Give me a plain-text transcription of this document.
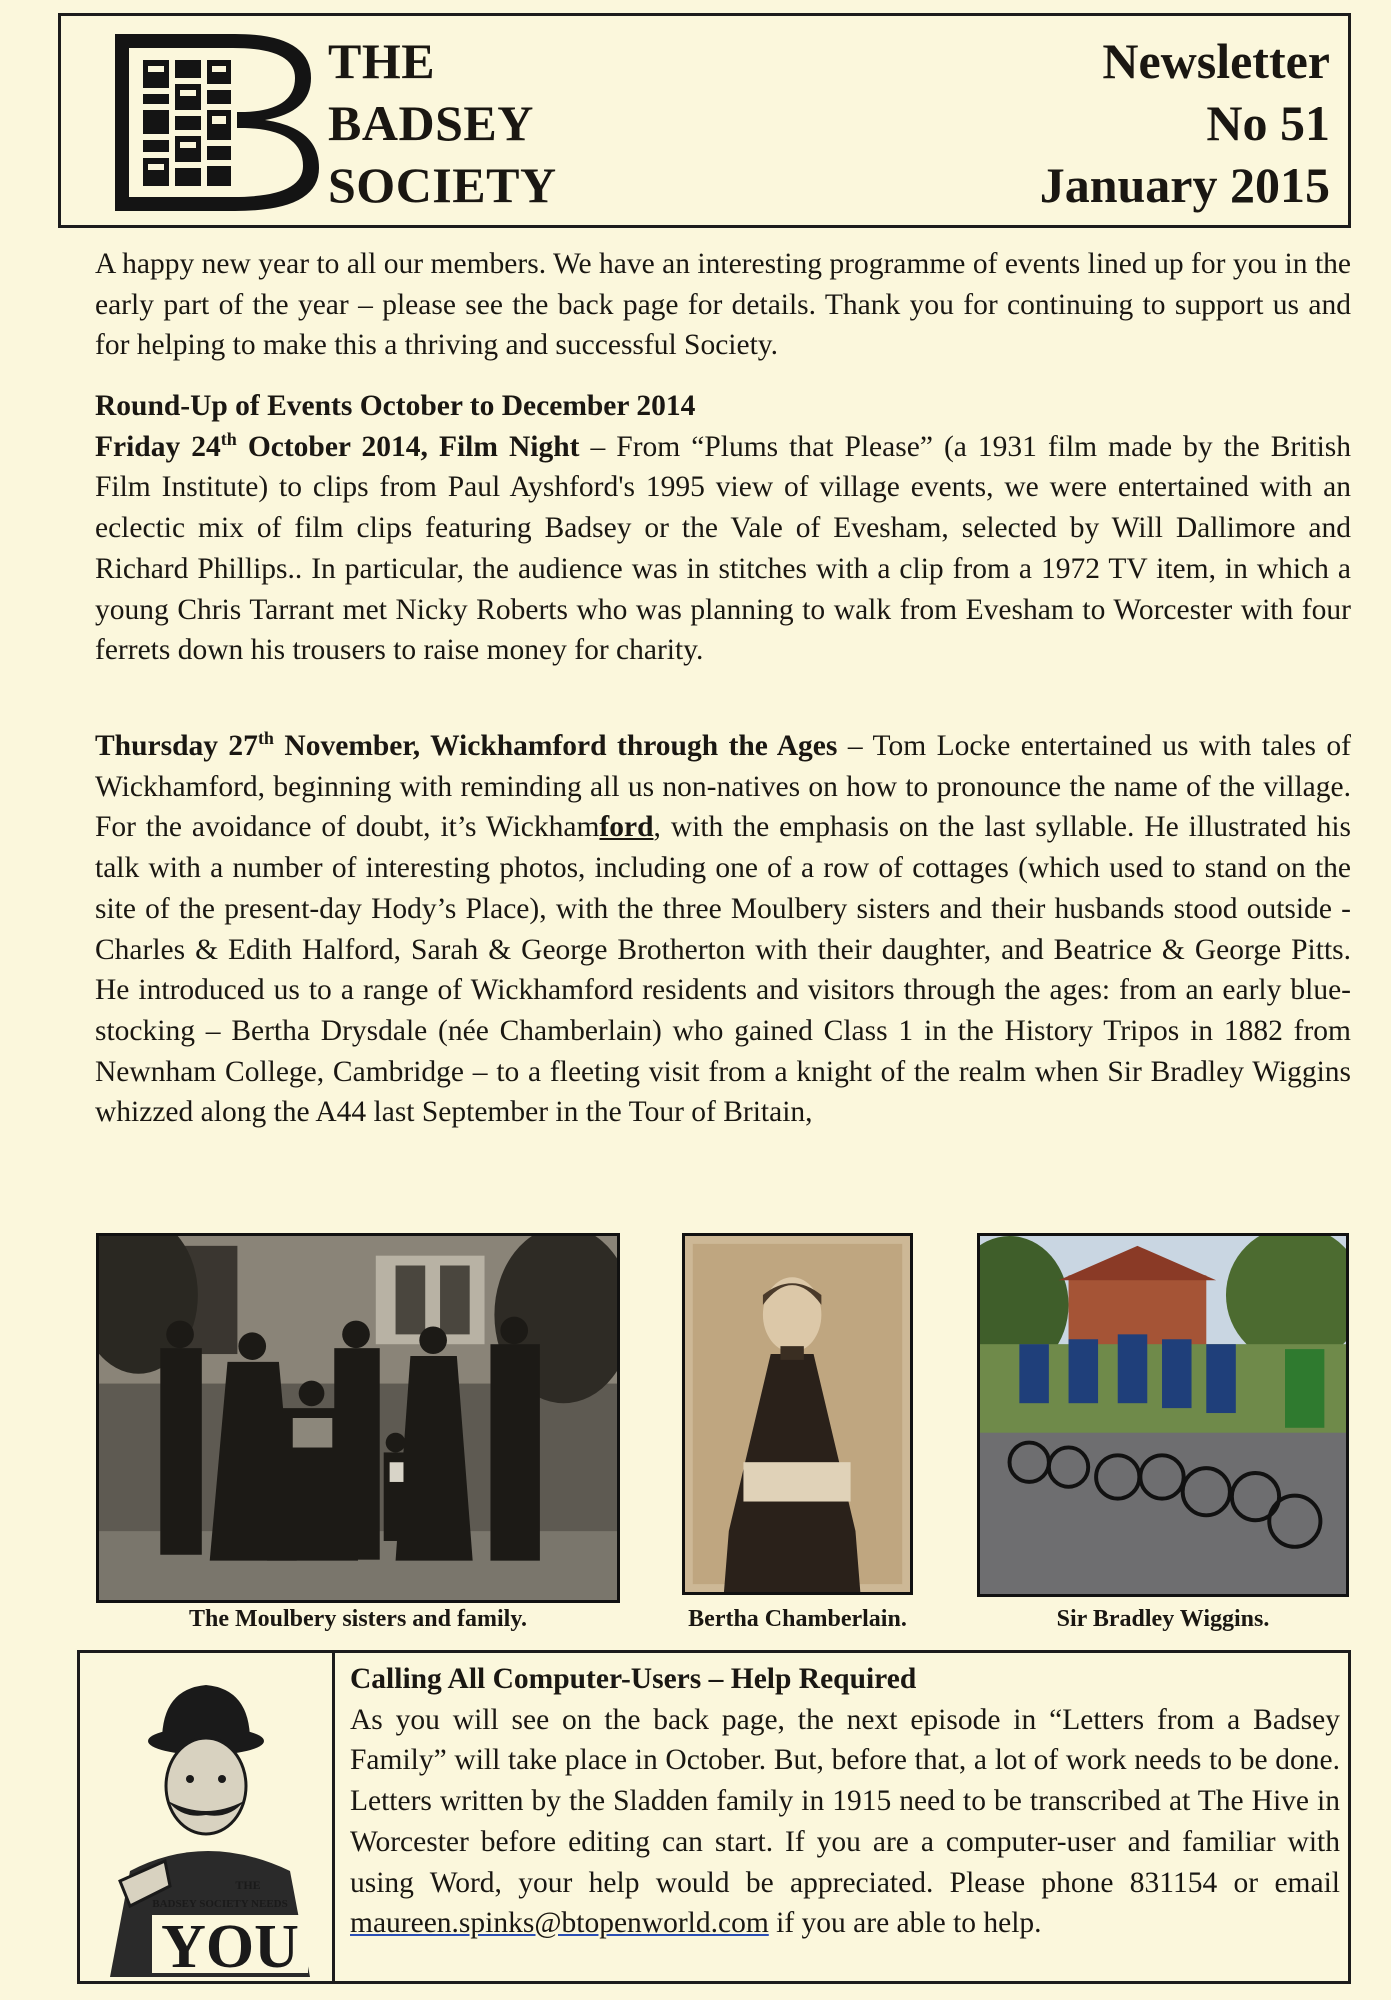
THE
BADSEY
SOCIETY
Newsletter
No 51
January 2015

A happy new year to all our members. We have an interesting programme of events lined up for you in the early part of the year – please see the back page for details. Thank you for continuing to support us and for helping to make this a thriving and successful Society.

Round-Up of Events October to December 2014

Friday 24th October 2014, Film Night – From “Plums that Please” (a 1931 film made by the British Film Institute) to clips from Paul Ayshford's 1995 view of village events, we were entertained with an eclectic mix of film clips featuring Badsey or the Vale of Evesham, selected by Will Dallimore and Richard Phillips.. In particular, the audience was in stitches with a clip from a 1972 TV item, in which a young Chris Tarrant met Nicky Roberts who was planning to walk from Evesham to Worcester with four ferrets down his trousers to raise money for charity.

Thursday 27th November, Wickhamford through the Ages – Tom Locke entertained us with tales of Wickhamford, beginning with reminding all us non-natives on how to pronounce the name of the village. For the avoidance of doubt, it’s Wickhamford, with the emphasis on the last syllable. He illustrated his talk with a number of interesting photos, including one of a row of cottages (which used to stand on the site of the present-day Hody’s Place), with the three Moulbery sisters and their husbands stood outside - Charles & Edith Halford, Sarah & George Brotherton with their daughter, and Beatrice & George Pitts. He introduced us to a range of Wickhamford residents and visitors through the ages: from an early blue-stocking – Bertha Drysdale (née Chamberlain) who gained Class 1 in the History Tripos in 1882 from Newnham College, Cambridge – to a fleeting visit from a knight of the realm when Sir Bradley Wiggins whizzed along the A44 last September in the Tour of Britain,

The Moulbery sisters and family.	Bertha Chamberlain.	Sir Bradley Wiggins.
THE
BADSEY SOCIETY NEEDS
YOU

Calling All Computer-Users – Help Required

As you will see on the back page, the next episode in “Letters from a Badsey Family” will take place in October. But, before that, a lot of work needs to be done. Letters written by the Sladden family in 1915 need to be transcribed at The Hive in Worcester before editing can start. If you are a computer-user and familiar with using Word, your help would be appreciated. Please phone 831154 or email maureen.spinks@btopenworld.com if you are able to help.
